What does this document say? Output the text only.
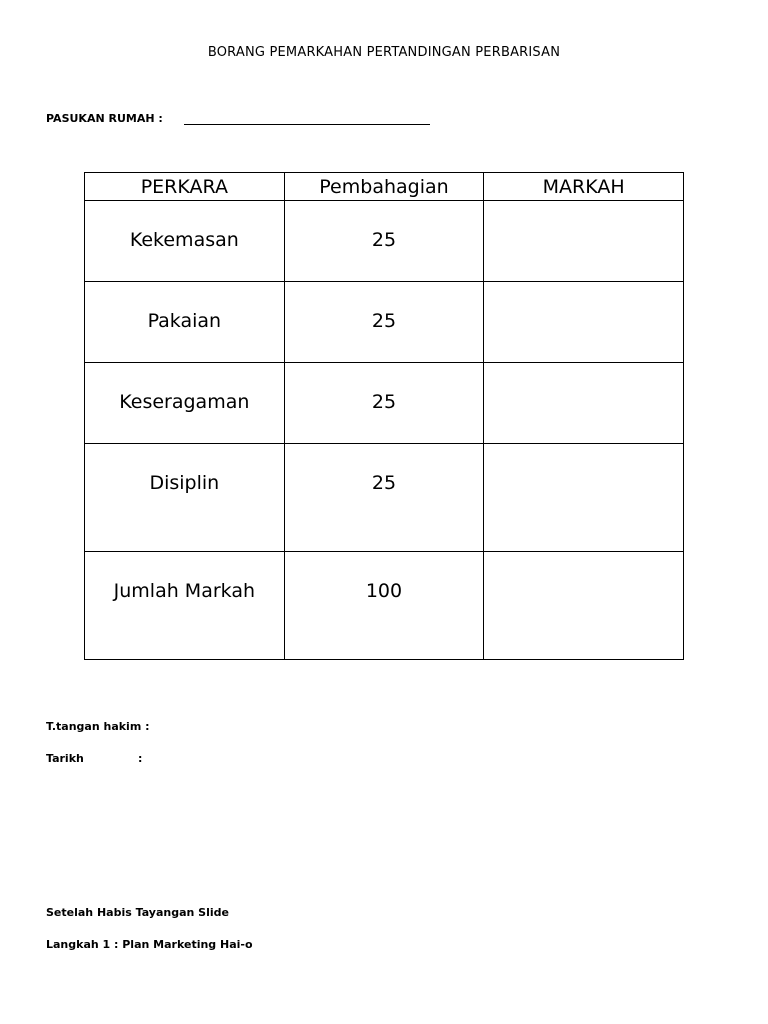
BORANG PEMARKAHAN PERTANDINGAN PERBARISAN
PASUKAN RUMAH :
PERKARA	Pembahagian	MARKAH

Kekemasan	25	

Pakaian	25	

Keseragaman	25	

Disiplin	25	

Jumlah Markah	100	

T.tangan hakim :
Tarikh	:
Setelah Habis Tayangan Slide
Langkah 1 : Plan Marketing Hai-o
